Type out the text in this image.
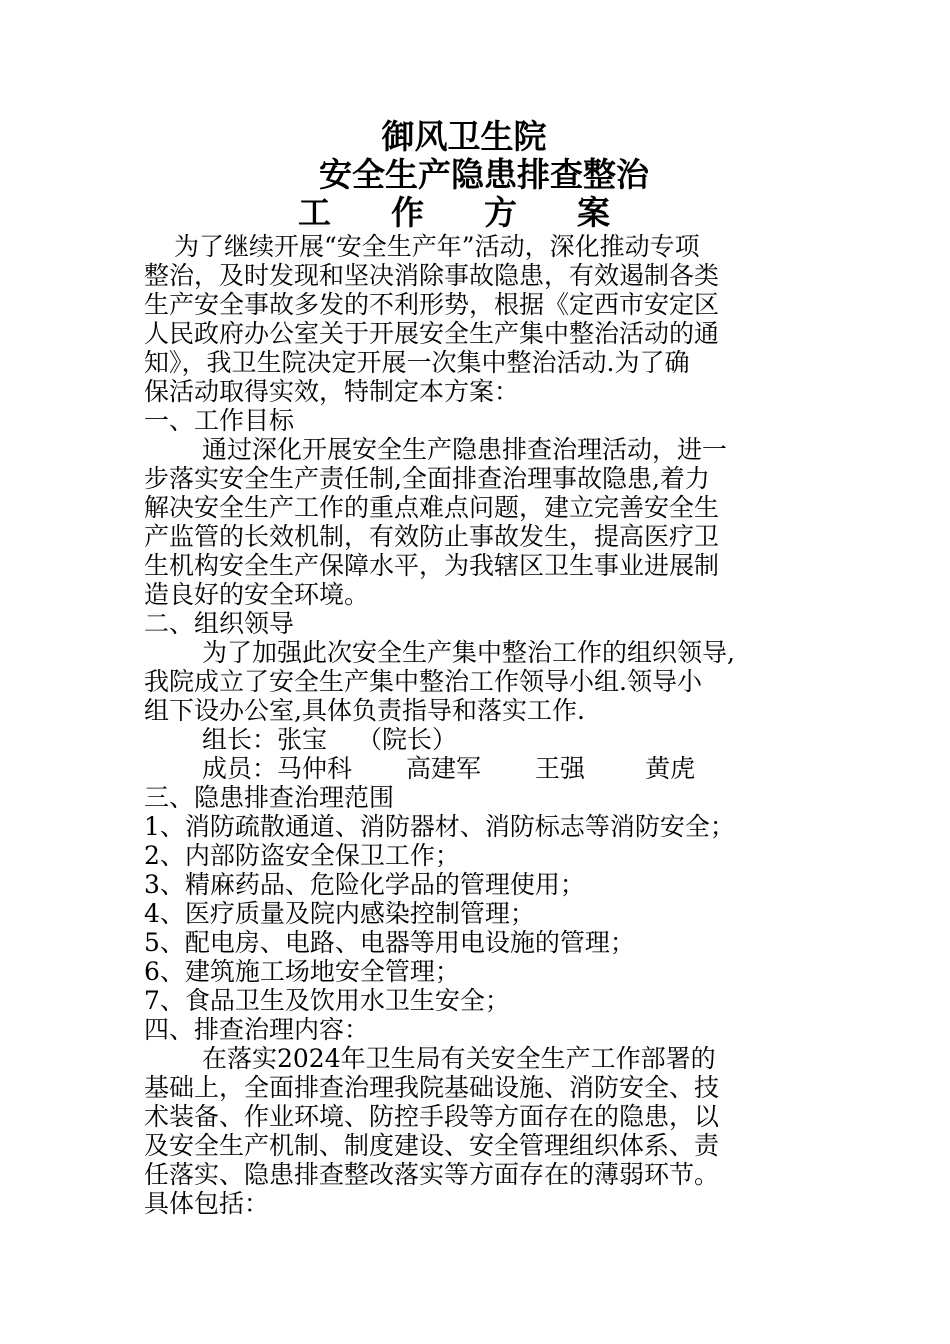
御风卫生院
安全生产隐患排查整治
工 作 方 案
为了继续开展“安全生产年”活动，深化推动专项
整治，及时发现和坚决消除事故隐患，有效遏制各类
生产安全事故多发的不利形势，根据《定西市安定区
人民政府办公室关于开展安全生产集中整治活动的通
知》，我卫生院决定开展一次集中整治活动.为了确
保活动取得实效，特制定本方案：
一、工作目标
通过深化开展安全生产隐患排查治理活动，进一
步落实安全生产责任制,全面排查治理事故隐患,着力
解决安全生产工作的重点难点问题，建立完善安全生
产监管的长效机制，有效防止事故发生，提高医疗卫
生机构安全生产保障水平，为我辖区卫生事业进展制
造良好的安全环境。
二、组织领导
为了加强此次安全生产集中整治工作的组织领导,
我院成立了安全生产集中整治工作领导小组.领导小
组下设办公室,具体负责指导和落实工作.
组长：张宝 （院长）
成员：马仲科 高建军 王强 黄虎
三、隐患排查治理范围
1、消防疏散通道、消防器材、消防标志等消防安全；
2、内部防盗安全保卫工作；
3、精麻药品、危险化学品的管理使用；
4、医疗质量及院内感染控制管理；
5、配电房、电路、电器等用电设施的管理；
6、建筑施工场地安全管理；
7、食品卫生及饮用水卫生安全；
四、排查治理内容：
在落实2024年卫生局有关安全生产工作部署的
基础上，全面排查治理我院基础设施、消防安全、技
术装备、作业环境、防控手段等方面存在的隐患，以
及安全生产机制、制度建设、安全管理组织体系、责
任落实、隐患排查整改落实等方面存在的薄弱环节。
具体包括：
